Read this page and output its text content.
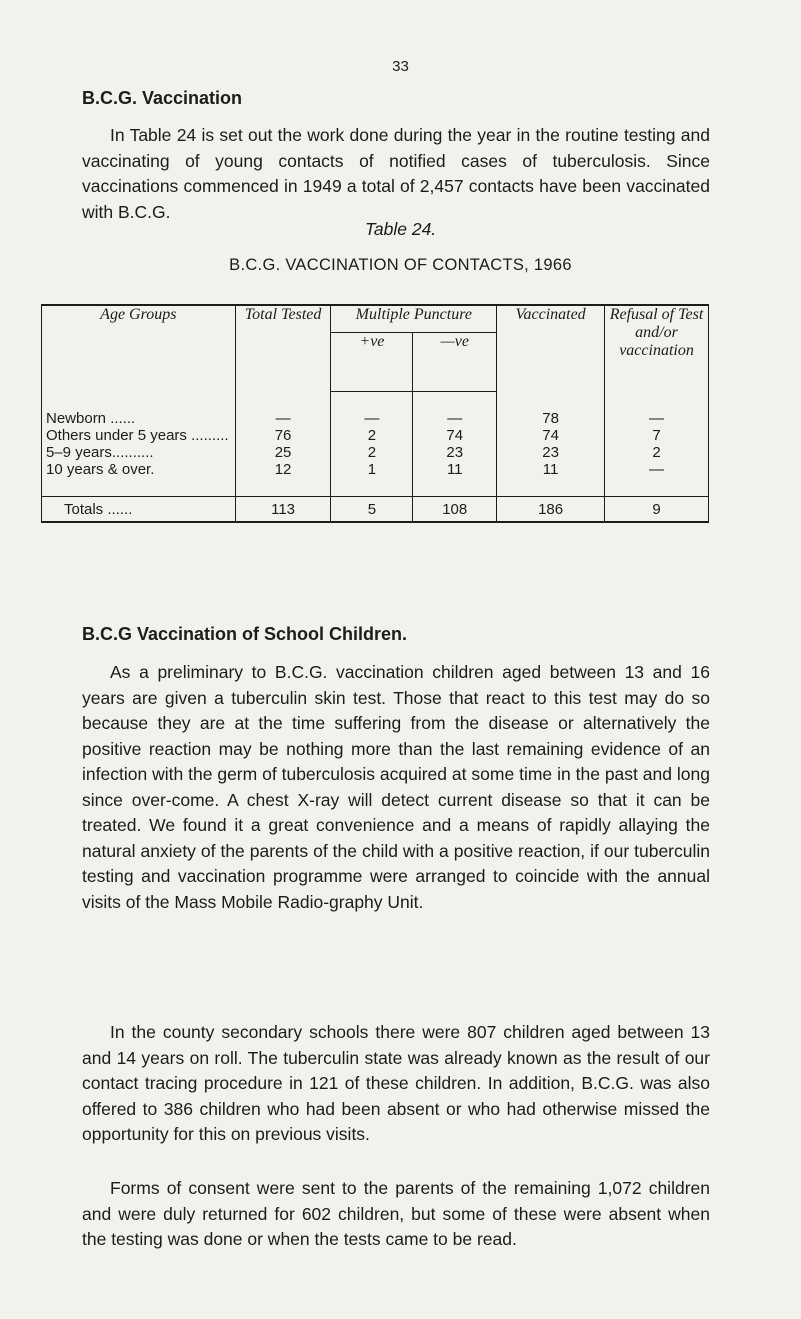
33
B.C.G. Vaccination

In Table 24 is set out the work done during the year in the routine testing and vaccinating of young contacts of notified cases of tuberculosis. Since vaccinations commenced in 1949 a total of 2,457 contacts have been vaccinated with B.C.G.

Table 24.
B.C.G. VACCINATION OF CONTACTS, 1966
Age Groups	Total Tested	Multiple Puncture		Vaccinated	Refusal of Test and/or vaccination
		+ve	—ve		
Newborn ......	—	—	—	78	—
Others under 5 years .........	76	2	74	74	7
5–9 years..........	25	2	23	23	2
10 years & over.	12	1	11	11	—
Totals ......	113	5	108	186	9
B.C.G Vaccination of School Children.

As a preliminary to B.C.G. vaccination children aged between 13 and 16 years are given a tuberculin skin test. Those that react to this test may do so because they are at the time suffering from the disease or alternatively the positive reaction may be nothing more than the last remaining evidence of an infection with the germ of tuberculosis acquired at some time in the past and long since over-come. A chest X-ray will detect current disease so that it can be treated. We found it a great convenience and a means of rapidly allaying the natural anxiety of the parents of the child with a positive reaction, if our tuberculin testing and vaccination programme were arranged to coincide with the annual visits of the Mass Mobile Radio-graphy Unit.

In the county secondary schools there were 807 children aged between 13 and 14 years on roll. The tuberculin state was already known as the result of our contact tracing procedure in 121 of these children. In addition, B.C.G. was also offered to 386 children who had been absent or who had otherwise missed the opportunity for this on previous visits.

Forms of consent were sent to the parents of the remaining 1,072 children and were duly returned for 602 children, but some of these were absent when the testing was done or when the tests came to be read.
